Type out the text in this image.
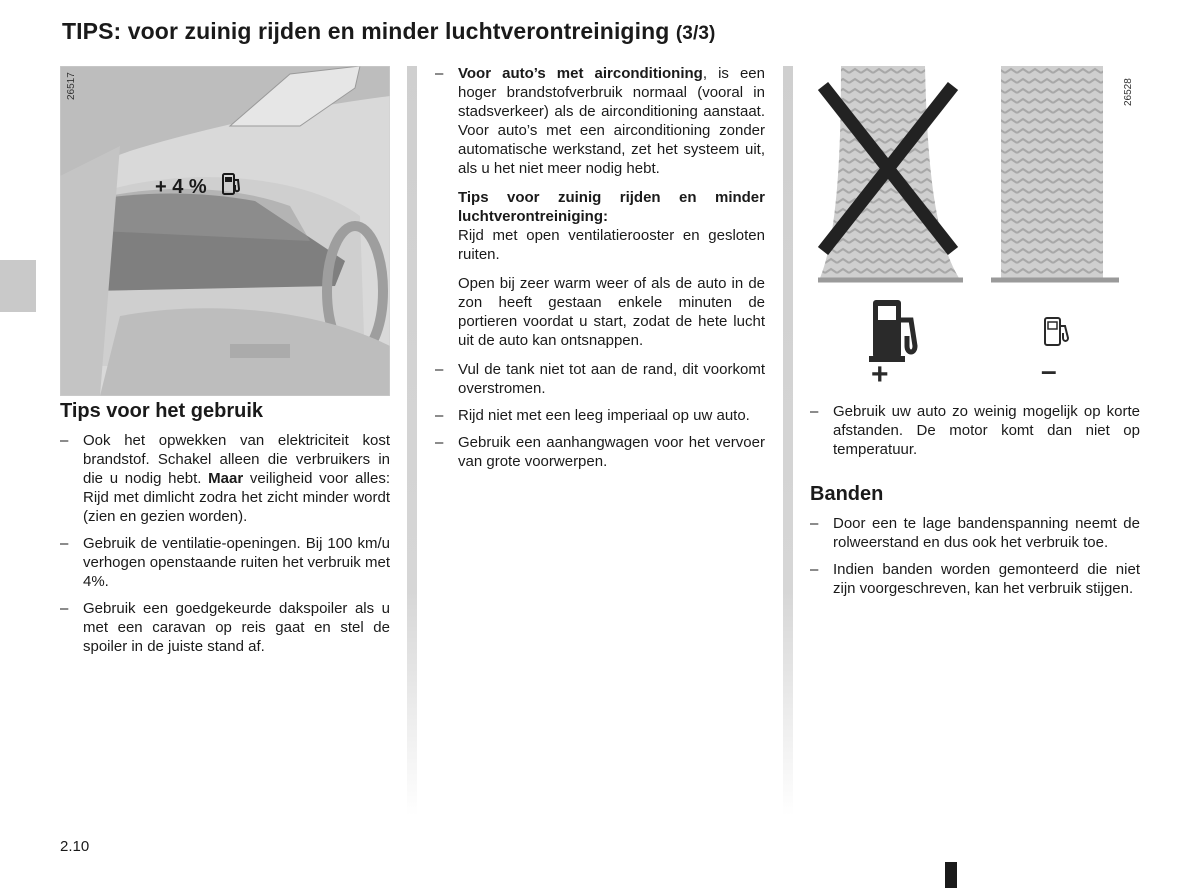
TIPS: voor zuinig rijden en minder luchtverontreiniging (3/3)
26517
+ 4 %
26528
+	–
Tips voor het gebruik
– Ook het opwekken van elektriciteit kost brandstof. Schakel alleen die verbruikers in die u nodig hebt. Maar veiligheid voor alles: Rijd met dimlicht zodra het zicht minder wordt (zien en gezien worden).
– Gebruik de ventilatie-openingen. Bij 100 km/u verhogen openstaande ruiten het verbruik met 4%.
– Gebruik een goedgekeurde dakspoiler als u met een caravan op reis gaat en stel de spoiler in de juiste stand af.
– Voor auto’s met airconditioning, is een hoger brandstofverbruik normaal (vooral in stadsverkeer) als de airconditioning aanstaat. Voor auto’s met een airconditioning zonder automatische werkstand, zet het systeem uit, als u het niet meer nodig hebt.

Tips voor zuinig rijden en minder luchtverontreiniging:

Rijd met open ventilatierooster en gesloten ruiten.

Open bij zeer warm weer of als de auto in de zon heeft gestaan enkele minuten de portieren voordat u start, zodat de hete lucht uit de auto kan ontsnappen.

– Vul de tank niet tot aan de rand, dit voorkomt overstromen.
– Rijd niet met een leeg imperiaal op uw auto.
– Gebruik een aanhangwagen voor het vervoer van grote voorwerpen.
– Gebruik uw auto zo weinig mogelijk op korte afstanden. De motor komt dan niet op temperatuur.
Banden
– Door een te lage bandenspanning neemt de rolweerstand en dus ook het verbruik toe.
– Indien banden worden gemonteerd die niet zijn voorgeschreven, kan het verbruik stijgen.
2.10
